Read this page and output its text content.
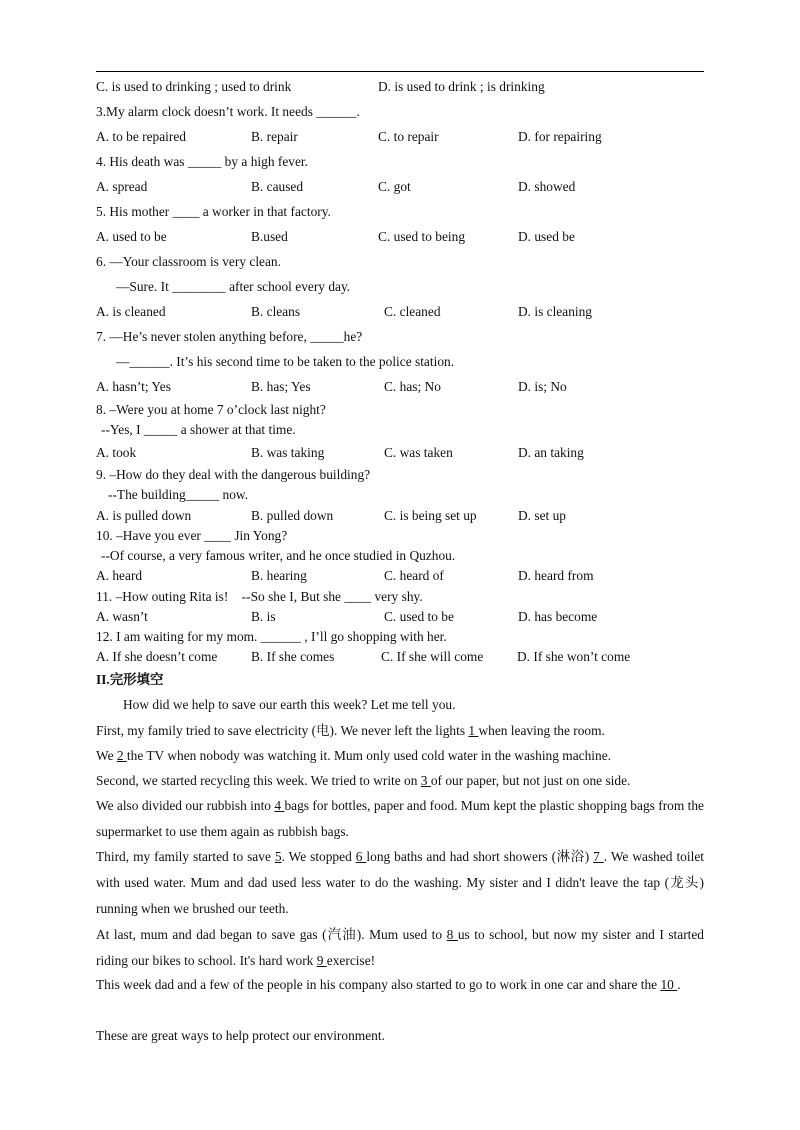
C. is used to drinking ; used to drink	D. is used to drink ; is drinking
3.My alarm clock doesn’t work. It needs ______.
A. to be repaired	B. repair	C. to repair	D. for repairing
4. His death was _____ by a high fever.
A. spread	B. caused	C. got	D. showed
5. His mother ____ a worker in that factory.
A. used to be	B.used	C. used to being	D. used be
6. —Your classroom is very clean.
—Sure. It ________ after school every day.
A. is cleaned	B. cleans	C. cleaned	D. is cleaning
7. —He’s never stolen anything before, _____he?
—______. It’s his second time to be taken to the police station.
A. hasn’t; Yes	B. has; Yes	C. has; No	D. is; No
8. –Were you at home 7 o’clock last night?
--Yes, I _____ a shower at that time.
A. took	B. was taking	C. was taken	D. an taking
9. –How do they deal with the dangerous building?
--The building_____ now.
A. is pulled down	B. pulled down	C. is being set up	D. set up
10. –Have you ever ____ Jin Yong?
--Of course, a very famous writer, and he once studied in Quzhou.
A. heard	B. hearing	C. heard of	D. heard from
11. –How outing Rita is!    --So she I, But she ____ very shy.
A. wasn’t	B. is	C. used to be	D. has become
12. I am waiting for my mom. ______ , I’ll go shopping with her.
A. If she doesn’t come	B. If she comes	C. If she will come	D. If she won’t come
II.完形填空
How did we help to save our earth this week? Let me tell you.
First, my family tried to save electricity (电). We never left the lights 1 when leaving the room.
We 2 the TV when nobody was watching it. Mum only used cold water in the washing machine.
Second, we started recycling this week. We tried to write on 3 of our paper, but not just on one side.
We also divided our rubbish into 4 bags for bottles, paper and food. Mum kept the plastic shopping bags from the supermarket to use them again as rubbish bags.
Third, my family started to save 5. We stopped 6 long baths and had short showers (淋浴) 7 . We washed toilet with used water. Mum and dad used less water to do the washing. My sister and I didn't leave the tap (龙头) running when we brushed our teeth.
At last, mum and dad began to save gas (汽油). Mum used to 8 us to school, but now my sister and I started riding our bikes to school. It's hard work 9 exercise!
This week dad and a few of the people in his company also started to go to work in one car and share the 10 .
These are great ways to help protect our environment.
